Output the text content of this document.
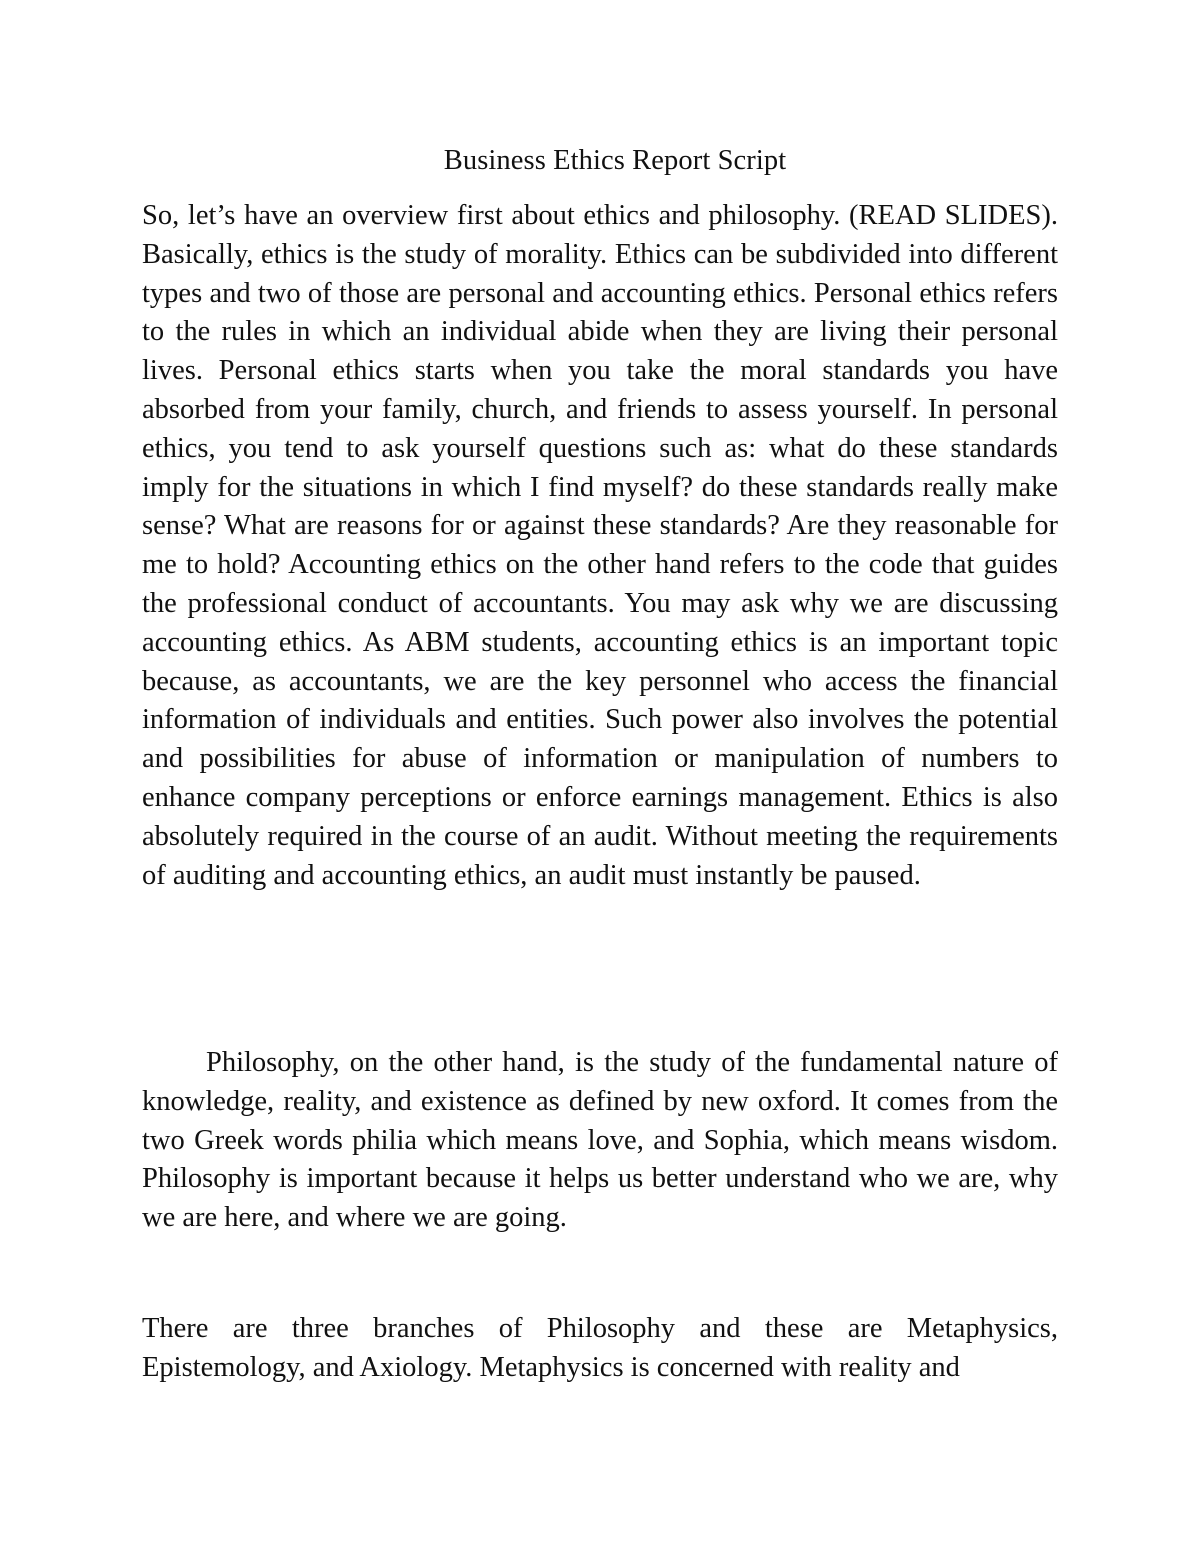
Business Ethics Report Script

So, let’s have an overview first about ethics and philosophy. (READ SLIDES). Basically, ethics is the study of morality. Ethics can be subdivided into different types and two of those are personal and accounting ethics. Personal ethics refers to the rules in which an individual abide when they are living their personal lives. Personal ethics starts when you take the moral standards you have absorbed from your family, church, and friends to assess yourself. In personal ethics, you tend to ask yourself questions such as: what do these standards imply for the situations in which I find myself? do these standards really make sense? What are reasons for or against these standards? Are they reasonable for me to hold? Accounting ethics on the other hand refers to the code that guides the professional conduct of accountants. You may ask why we are discussing accounting ethics. As ABM students, accounting ethics is an important topic because, as accountants, we are the key personnel who access the financial information of individuals and entities. Such power also involves the potential and possibilities for abuse of information or manipulation of numbers to enhance company perceptions or enforce earnings management. Ethics is also absolutely required in the course of an audit. Without meeting the requirements of auditing and accounting ethics, an audit must instantly be paused.

Philosophy, on the other hand, is the study of the fundamental nature of knowledge, reality, and existence as defined by new oxford. It comes from the two Greek words philia which means love, and Sophia, which means wisdom. Philosophy is important because it helps us better understand who we are, why we are here, and where we are going.

There are three branches of Philosophy and these are Metaphysics, Epistemology, and Axiology. Metaphysics is concerned with reality and
